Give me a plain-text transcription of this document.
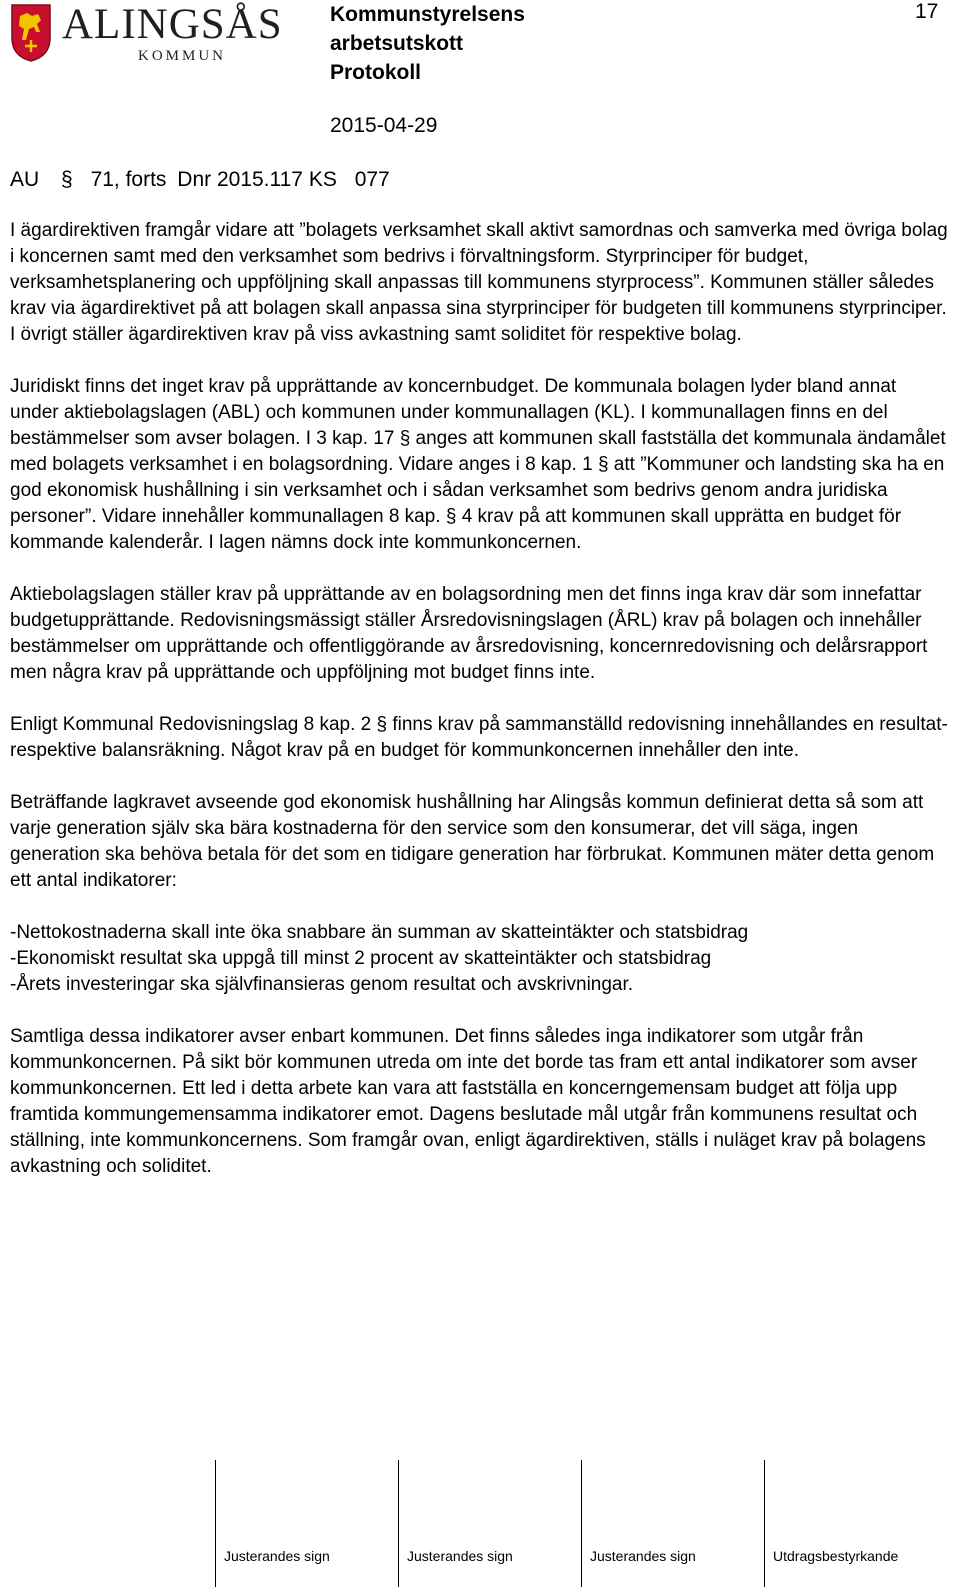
ALINGSÅS
KOMMUN
Kommunstyrelsens
arbetsutskott
Protokoll
2015-04-29
17
AU § 71, forts Dnr 2015.117 KS 077

I ägardirektiven framgår vidare att ”bolagets verksamhet skall aktivt samordnas och samverka med övriga bolag i koncernen samt med den verksamhet som bedrivs i förvaltningsform. Styrprinciper för budget, verksamhetsplanering och uppföljning skall anpassas till kommunens styrprocess”. Kommunen ställer således krav via ägardirektivet på att bolagen skall anpassa sina styrprinciper för budgeten till kommunens styrprinciper. I övrigt ställer ägardirektiven krav på viss avkastning samt soliditet för respektive bolag.

Juridiskt finns det inget krav på upprättande av koncernbudget. De kommunala bolagen lyder bland annat under aktiebolagslagen (ABL) och kommunen under kommunallagen (KL). I kommunallagen finns en del bestämmelser som avser bolagen. I 3 kap. 17 § anges att kommunen skall fastställa det kommunala ändamålet med bolagets verksamhet i en bolagsordning. Vidare anges i 8 kap. 1 § att ”Kommuner och landsting ska ha en god ekonomisk hushållning i sin verksamhet och i sådan verksamhet som bedrivs genom andra juridiska personer”. Vidare innehåller kommunallagen 8 kap. § 4 krav på att kommunen skall upprätta en budget för kommande kalenderår. I lagen nämns dock inte kommunkoncernen.

Aktiebolagslagen ställer krav på upprättande av en bolagsordning men det finns inga krav där som innefattar budgetupprättande. Redovisningsmässigt ställer Årsredovisningslagen (ÅRL) krav på bolagen och innehåller bestämmelser om upprättande och offentliggörande av årsredovisning, koncernredovisning och delårsrapport men några krav på upprättande och uppföljning mot budget finns inte.

Enligt Kommunal Redovisningslag 8 kap. 2 § finns krav på sammanställd redovisning innehållandes en resultat- respektive balansräkning. Något krav på en budget för kommunkoncernen innehåller den inte.

Beträffande lagkravet avseende god ekonomisk hushållning har Alingsås kommun definierat detta så som att varje generation själv ska bära kostnaderna för den service som den konsumerar, det vill säga, ingen generation ska behöva betala för det som en tidigare generation har förbrukat. Kommunen mäter detta genom ett antal indikatorer:

-Nettokostnaderna skall inte öka snabbare än summan av skatteintäkter och statsbidrag

-Ekonomiskt resultat ska uppgå till minst 2 procent av skatteintäkter och statsbidrag

-Årets investeringar ska självfinansieras genom resultat och avskrivningar.

Samtliga dessa indikatorer avser enbart kommunen. Det finns således inga indikatorer som utgår från kommunkoncernen. På sikt bör kommunen utreda om inte det borde tas fram ett antal indikatorer som avser kommunkoncernen. Ett led i detta arbete kan vara att fastställa en koncerngemensam budget att följa upp framtida kommungemensamma indikatorer emot. Dagens beslutade mål utgår från kommunens resultat och ställning, inte kommunkoncernens. Som framgår ovan, enligt ägardirektiven, ställs i nuläget krav på bolagens avkastning och soliditet.

Justerandes sign	Justerandes sign	Justerandes sign	Utdragsbestyrkande
